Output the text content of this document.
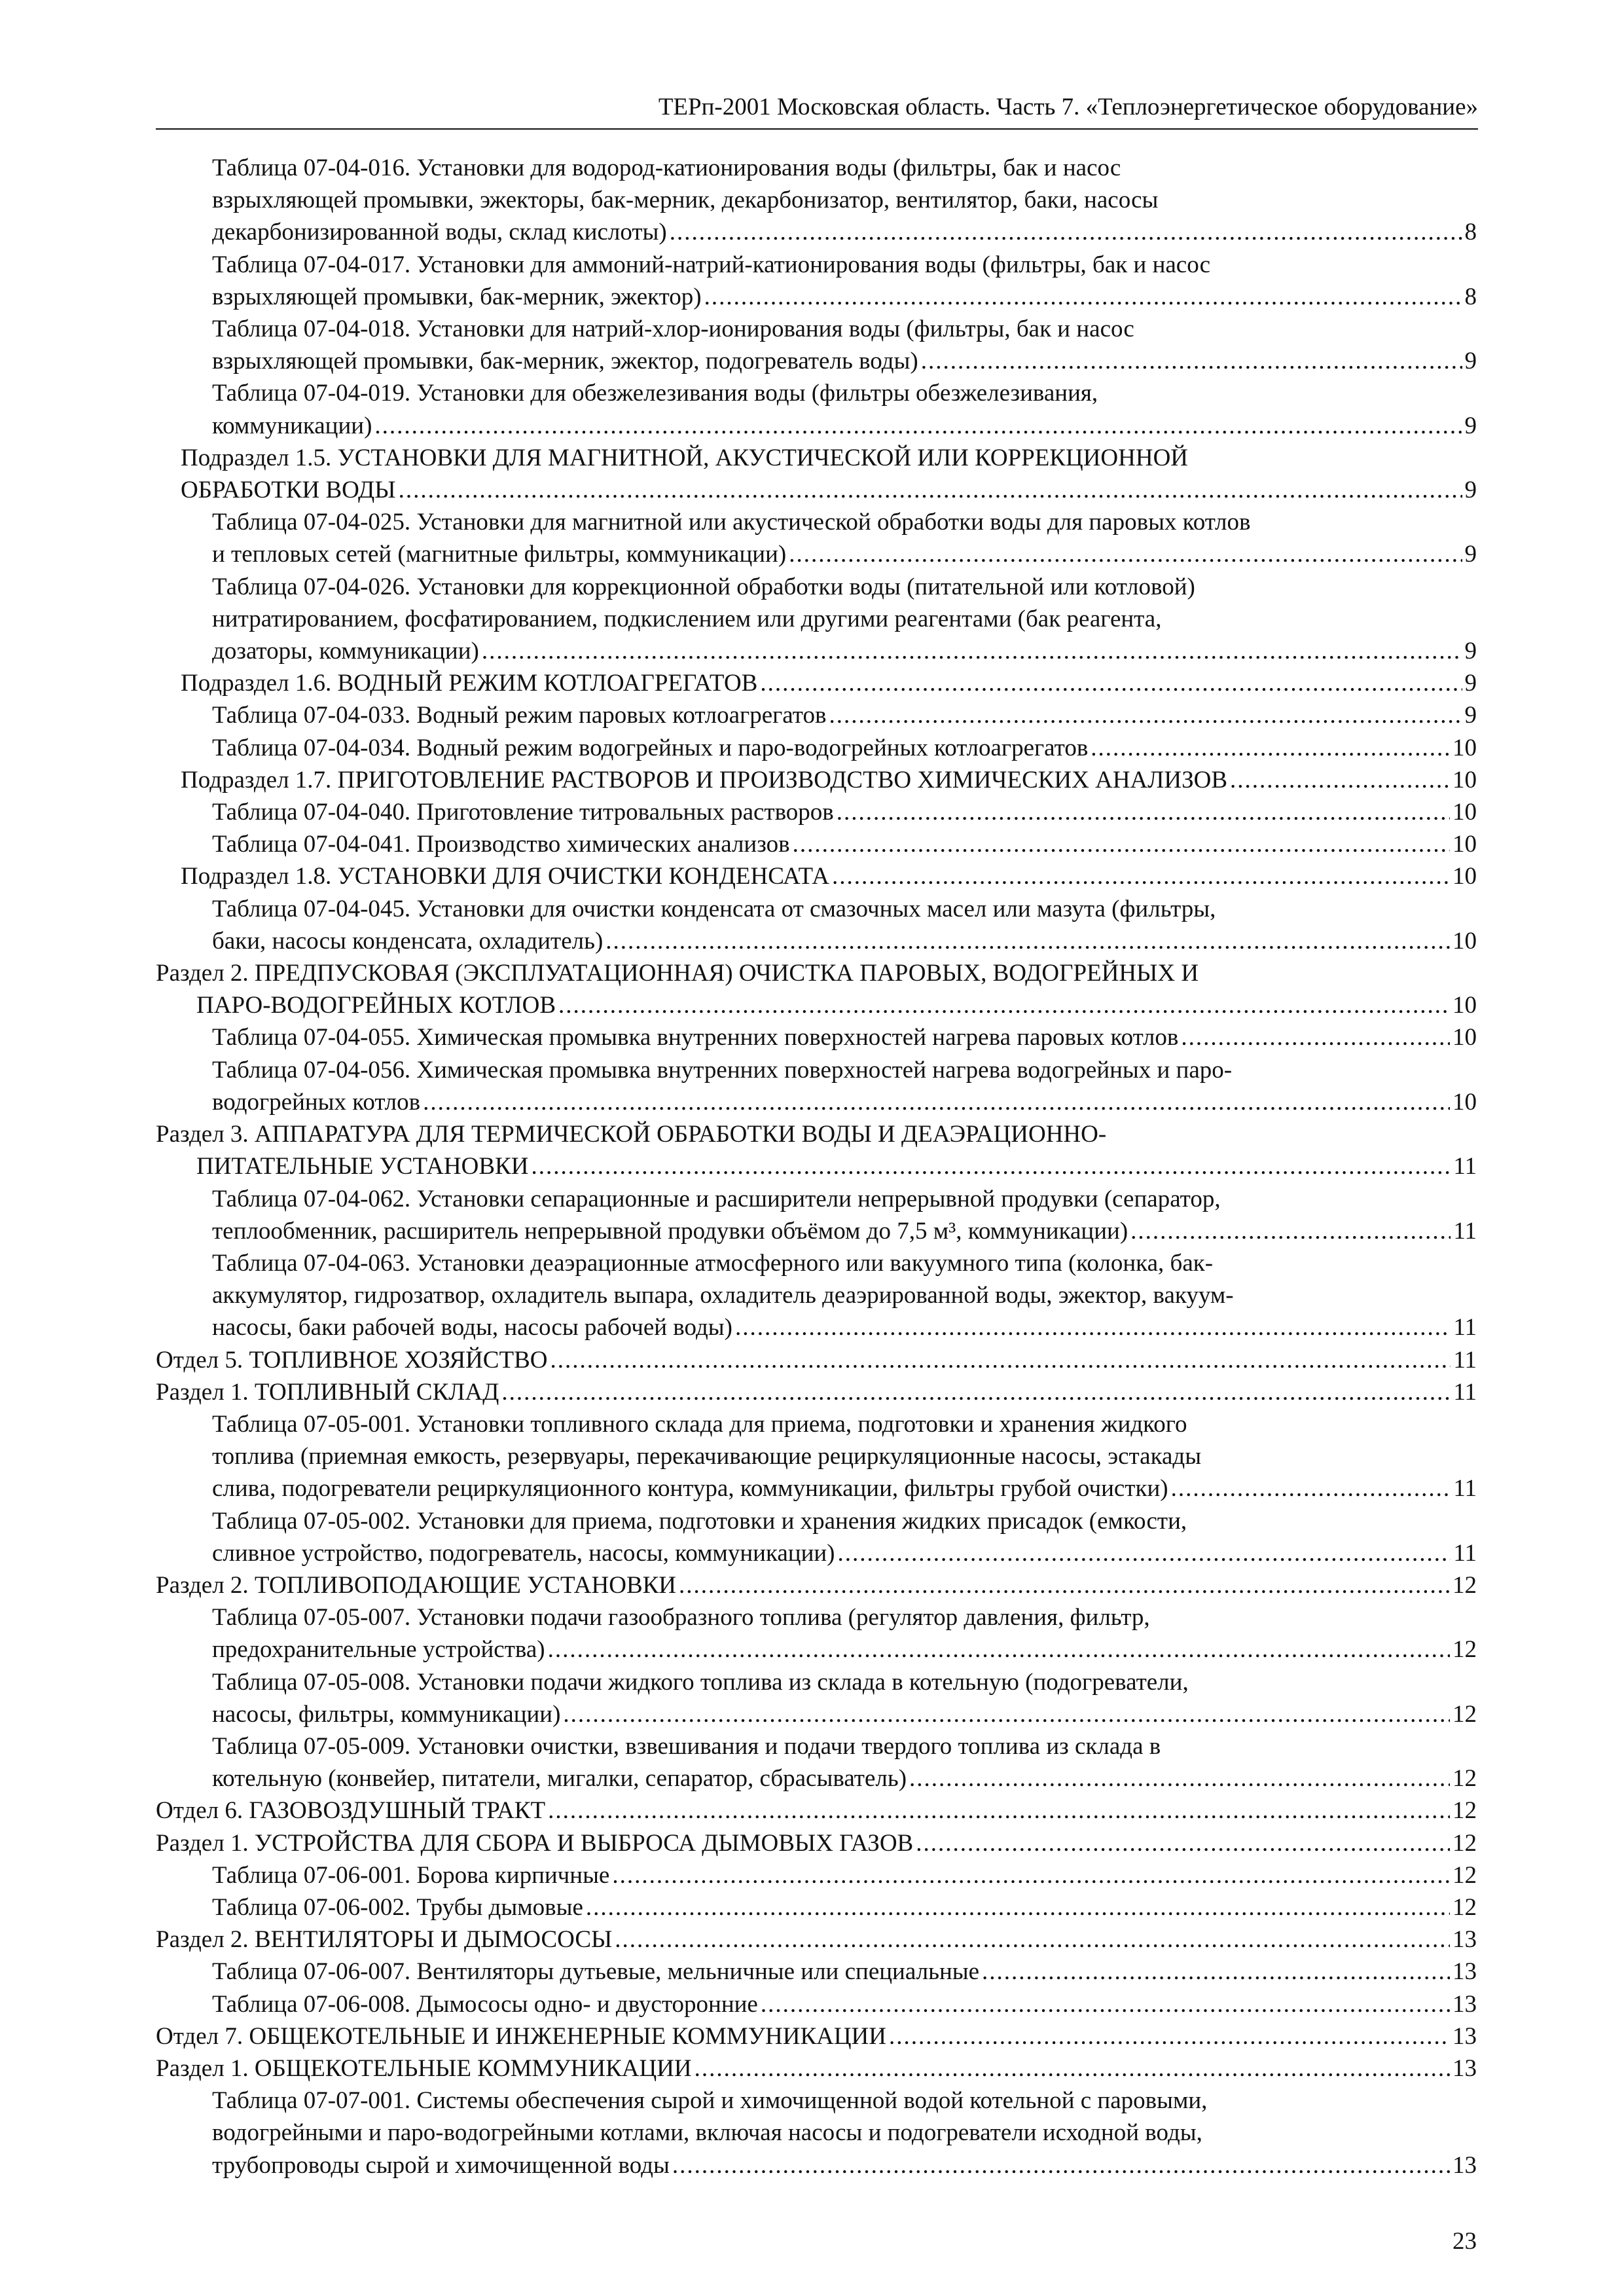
ТЕРп-2001 Московская область. Часть 7. «Теплоэнергетическое оборудование»
Таблица 07-04-016. Установки для водород-катионирования воды (фильтры, бак и насос
взрыхляющей промывки, эжекторы, бак-мерник, декарбонизатор, вентилятор, баки, насосы
декарбонизированной воды, склад кислоты) .....	8
Таблица 07-04-017. Установки для аммоний-натрий-катионирования воды (фильтры, бак и насос
взрыхляющей промывки, бак-мерник, эжектор) .....	8
Таблица 07-04-018. Установки для натрий-хлор-ионирования воды (фильтры, бак и насос
взрыхляющей промывки, бак-мерник, эжектор, подогреватель воды) .....	9
Таблица 07-04-019. Установки для обезжелезивания воды (фильтры обезжелезивания,
коммуникации) .....	9
Подраздел 1.5. УСТАНОВКИ ДЛЯ МАГНИТНОЙ, АКУСТИЧЕСКОЙ ИЛИ КОРРЕКЦИОННОЙ
ОБРАБОТКИ ВОДЫ .....	9
Таблица 07-04-025. Установки для магнитной или акустической обработки воды для паровых котлов
и тепловых сетей (магнитные фильтры, коммуникации) .....	9
Таблица 07-04-026. Установки для коррекционной обработки воды (питательной или котловой)
нитратированием, фосфатированием, подкислением или другими реагентами (бак реагента,
дозаторы, коммуникации) .....	9
Подраздел 1.6. ВОДНЫЙ РЕЖИМ КОТЛОАГРЕГАТОВ .....	9
Таблица 07-04-033. Водный режим паровых котлоагрегатов .....	9
Таблица 07-04-034. Водный режим водогрейных и паро-водогрейных котлоагрегатов .....	10
Подраздел 1.7. ПРИГОТОВЛЕНИЕ РАСТВОРОВ И ПРОИЗВОДСТВО ХИМИЧЕСКИХ АНАЛИЗОВ .....	10
Таблица 07-04-040. Приготовление титровальных растворов .....	10
Таблица 07-04-041. Производство химических анализов .....	10
Подраздел 1.8. УСТАНОВКИ ДЛЯ ОЧИСТКИ КОНДЕНСАТА .....	10
Таблица 07-04-045. Установки для очистки конденсата от смазочных масел или мазута (фильтры,
баки, насосы конденсата, охладитель) .....	10
Раздел 2. ПРЕДПУСКОВАЯ (ЭКСПЛУАТАЦИОННАЯ) ОЧИСТКА ПАРОВЫХ, ВОДОГРЕЙНЫХ И
ПАРО-ВОДОГРЕЙНЫХ КОТЛОВ .....	10
Таблица 07-04-055. Химическая промывка внутренних поверхностей нагрева паровых котлов .....	10
Таблица 07-04-056. Химическая промывка внутренних поверхностей нагрева водогрейных и паро-
водогрейных котлов .....	10
Раздел 3. АППАРАТУРА ДЛЯ ТЕРМИЧЕСКОЙ ОБРАБОТКИ ВОДЫ И ДЕАЭРАЦИОННО-
ПИТАТЕЛЬНЫЕ УСТАНОВКИ .....	11
Таблица 07-04-062. Установки сепарационные и расширители непрерывной продувки (сепаратор,
теплообменник, расширитель непрерывной продувки объёмом до 7,5 м³, коммуникации) .....	11
Таблица 07-04-063. Установки деаэрационные атмосферного или вакуумного типа (колонка, бак-
аккумулятор, гидрозатвор, охладитель выпара, охладитель деаэрированной воды, эжектор, вакуум-
насосы, баки рабочей воды, насосы рабочей воды) .....	11
Отдел 5. ТОПЛИВНОЕ ХОЗЯЙСТВО .....	11
Раздел 1. ТОПЛИВНЫЙ СКЛАД .....	11
Таблица 07-05-001. Установки топливного склада для приема, подготовки и хранения жидкого
топлива (приемная емкость, резервуары, перекачивающие рециркуляционные насосы, эстакады
слива, подогреватели рециркуляционного контура, коммуникации, фильтры грубой очистки) .....	11
Таблица 07-05-002. Установки для приема, подготовки и хранения жидких присадок (емкости,
сливное устройство, подогреватель, насосы, коммуникации) .....	11
Раздел 2. ТОПЛИВОПОДАЮЩИЕ УСТАНОВКИ .....	12
Таблица 07-05-007. Установки подачи газообразного топлива (регулятор давления, фильтр,
предохранительные устройства) .....	12
Таблица 07-05-008. Установки подачи жидкого топлива из склада в котельную (подогреватели,
насосы, фильтры, коммуникации) .....	12
Таблица 07-05-009. Установки очистки, взвешивания и подачи твердого топлива из склада в
котельную (конвейер, питатели, мигалки, сепаратор, сбрасыватель) .....	12
Отдел 6. ГАЗОВОЗДУШНЫЙ ТРАКТ .....	12
Раздел 1. УСТРОЙСТВА ДЛЯ СБОРА И ВЫБРОСА ДЫМОВЫХ ГАЗОВ .....	12
Таблица 07-06-001. Борова кирпичные .....	12
Таблица 07-06-002. Трубы дымовые .....	12
Раздел 2. ВЕНТИЛЯТОРЫ И ДЫМОСОСЫ .....	13
Таблица 07-06-007. Вентиляторы дутьевые, мельничные или специальные .....	13
Таблица 07-06-008. Дымососы одно- и двусторонние .....	13
Отдел 7. ОБЩЕКОТЕЛЬНЫЕ И ИНЖЕНЕРНЫЕ КОММУНИКАЦИИ .....	13
Раздел 1. ОБЩЕКОТЕЛЬНЫЕ КОММУНИКАЦИИ .....	13
Таблица 07-07-001. Системы обеспечения сырой и химочищенной водой котельной с паровыми,
водогрейными и паро-водогрейными котлами, включая насосы и подогреватели исходной воды,
трубопроводы сырой и химочищенной воды .....	13
23
